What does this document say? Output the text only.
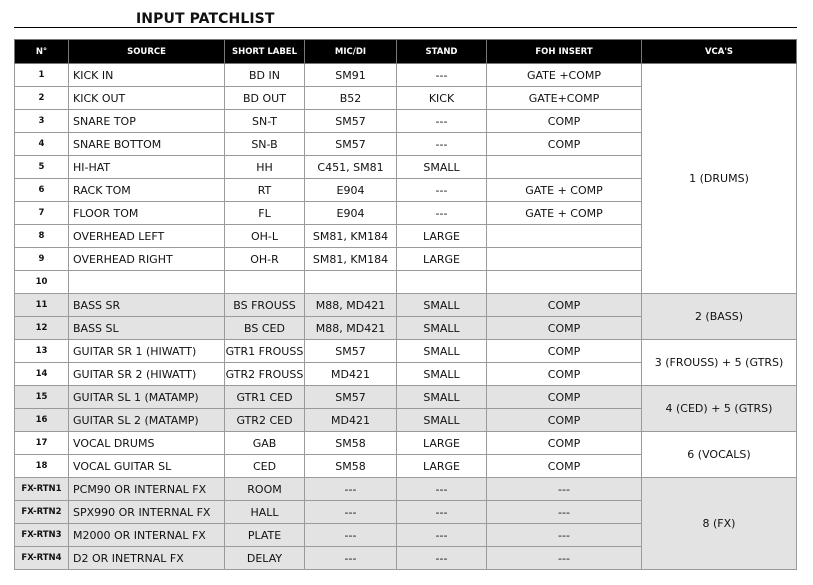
INPUT PATCHLIST
N°	SOURCE	SHORT LABEL	MIC/DI	STAND	FOH INSERT	VCA'S
1	KICK IN	BD IN	SM91	---	GATE +COMP	1 (DRUMS)
2	KICK OUT	BD OUT	B52	KICK	GATE+COMP	
3	SNARE TOP	SN-T	SM57	---	COMP	
4	SNARE BOTTOM	SN-B	SM57	---	COMP	
5	HI-HAT	HH	C451, SM81	SMALL		
6	RACK TOM	RT	E904	---	GATE + COMP	
7	FLOOR TOM	FL	E904	---	GATE + COMP	
8	OVERHEAD LEFT	OH-L	SM81, KM184	LARGE		
9	OVERHEAD RIGHT	OH-R	SM81, KM184	LARGE		
10						
11	BASS SR	BS FROUSS	M88, MD421	SMALL	COMP	2 (BASS)
12	BASS SL	BS CED	M88, MD421	SMALL	COMP	
13	GUITAR SR 1 (HIWATT)	GTR1 FROUSS	SM57	SMALL	COMP	3 (FROUSS) + 5 (GTRS)
14	GUITAR SR 2 (HIWATT)	GTR2 FROUSS	MD421	SMALL	COMP	
15	GUITAR SL 1 (MATAMP)	GTR1 CED	SM57	SMALL	COMP	4 (CED) + 5 (GTRS)
16	GUITAR SL 2 (MATAMP)	GTR2 CED	MD421	SMALL	COMP	
17	VOCAL DRUMS	GAB	SM58	LARGE	COMP	6 (VOCALS)
18	VOCAL GUITAR SL	CED	SM58	LARGE	COMP	
FX-RTN1	PCM90 OR INTERNAL FX	ROOM	---	---	---	8 (FX)
FX-RTN2	SPX990 OR INTERNAL FX	HALL	---	---	---	
FX-RTN3	M2000 OR INTERNAL FX	PLATE	---	---	---	
FX-RTN4	D2 OR INETRNAL FX	DELAY	---	---	---	
